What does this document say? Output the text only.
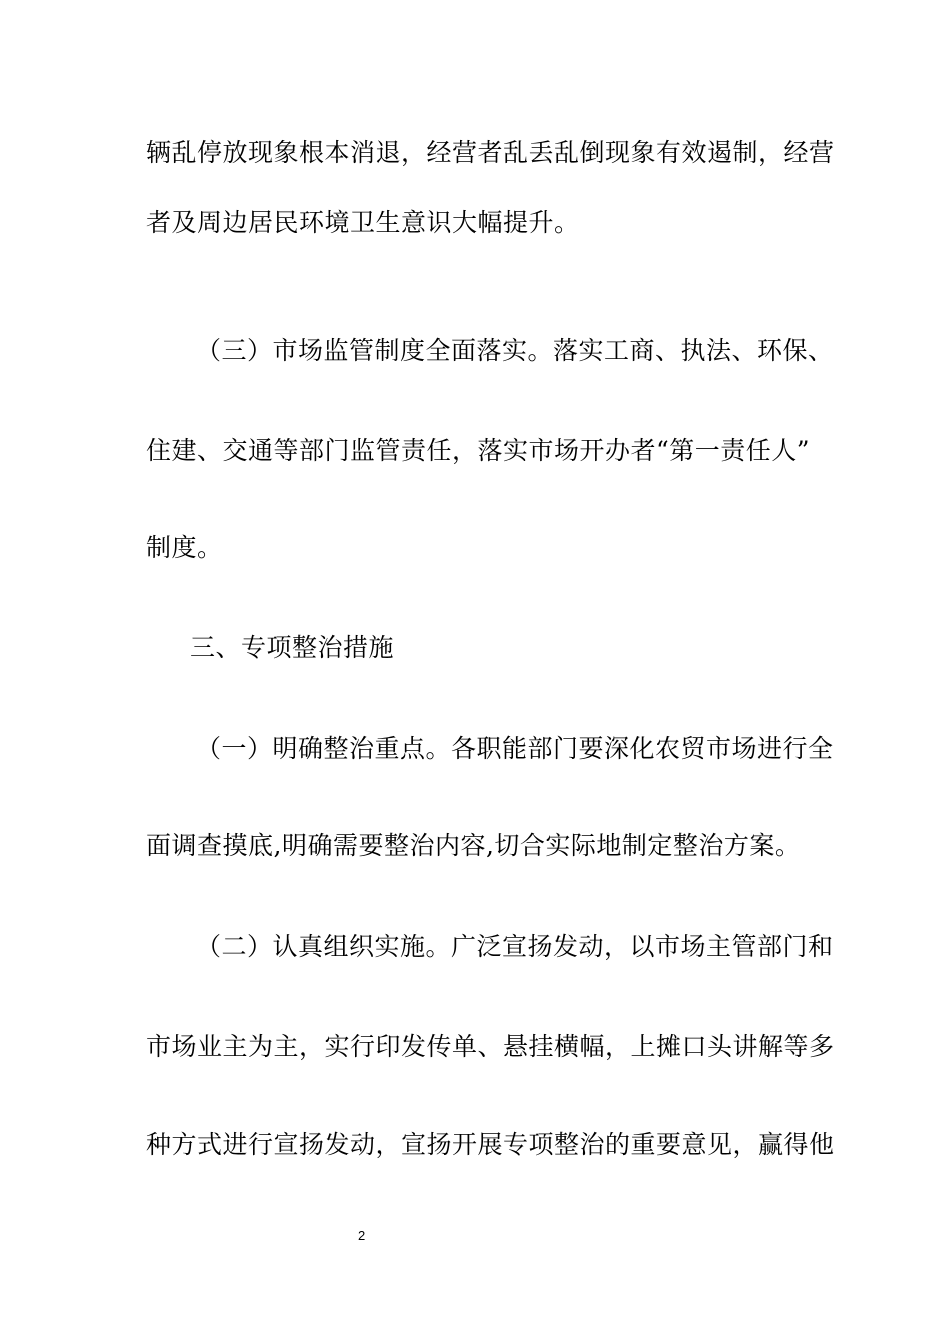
辆乱停放现象根本消退，经营者乱丢乱倒现象有效遏制，经营
者及周边居民环境卫生意识大幅提升。
（三）市场监管制度全面落实。落实工商、执法、环保、
住建、交通等部门监管责任，落实市场开办者“第一责任人”
制度。
三、专项整治措施
（一）明确整治重点。各职能部门要深化农贸市场进行全
面调查摸底,明确需要整治内容,切合实际地制定整治方案。
（二）认真组织实施。广泛宣扬发动，以市场主管部门和
市场业主为主，实行印发传单、悬挂横幅，上摊口头讲解等多
种方式进行宣扬发动，宣扬开展专项整治的重要意见，赢得他
2
